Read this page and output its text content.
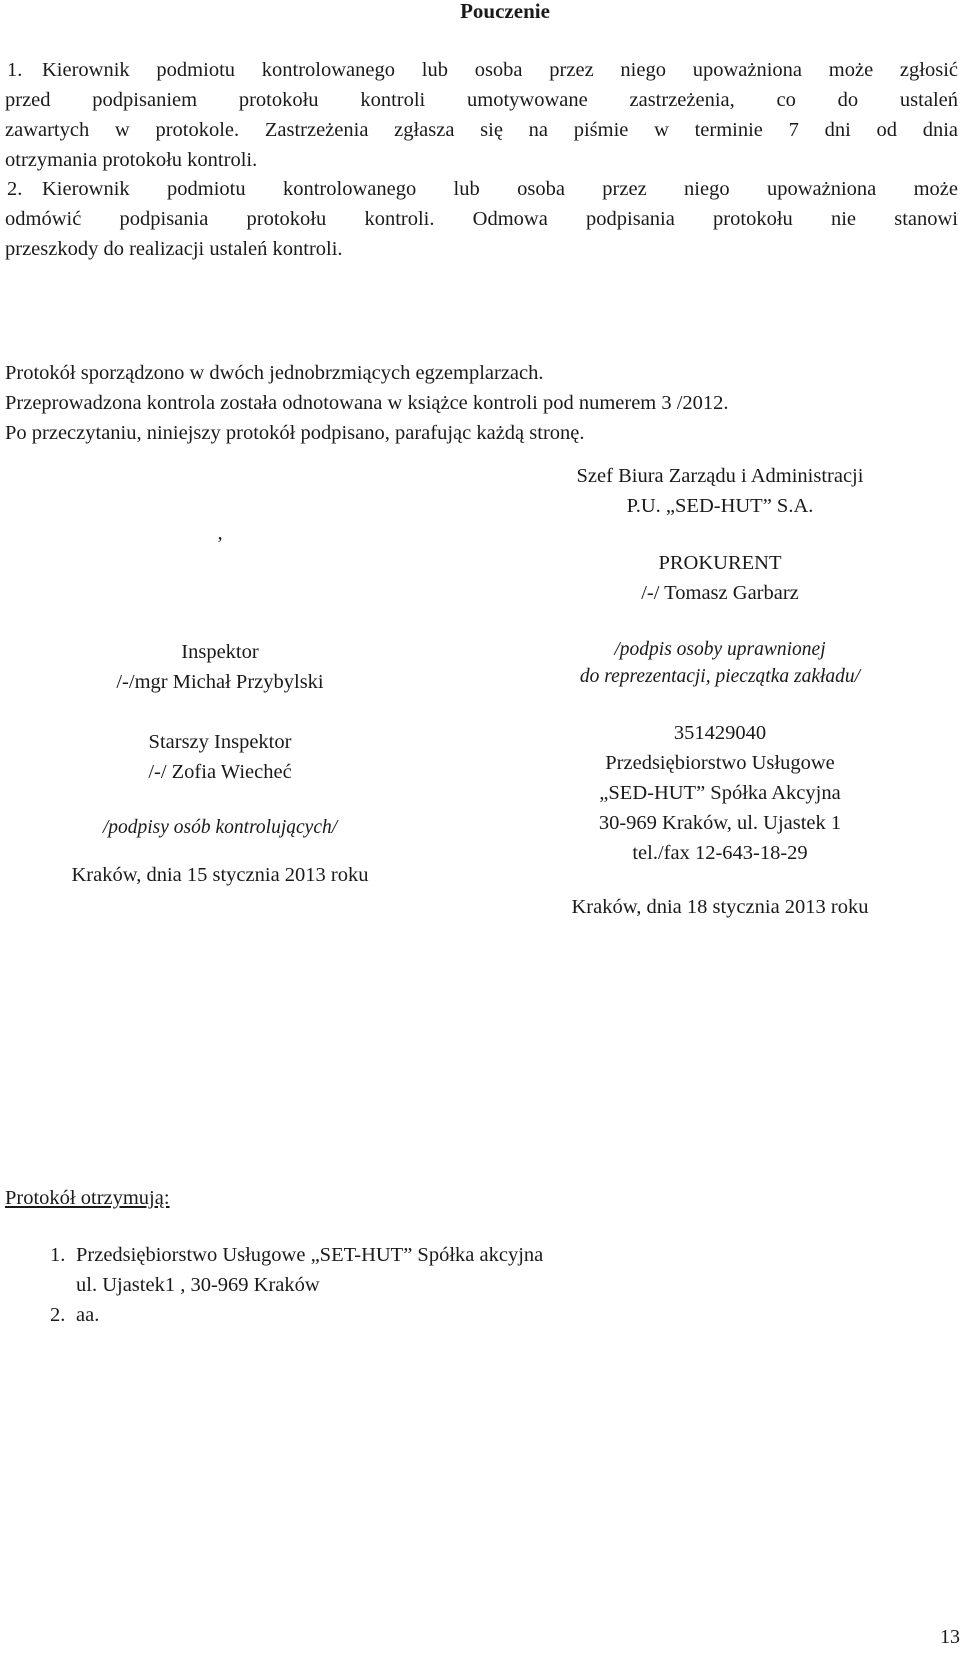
Pouczenie
1. Kierownik podmiotu kontrolowanego lub osoba przez niego upoważniona może zgłosić
przed podpisaniem protokołu kontroli umotywowane zastrzeżenia, co do ustaleń
zawartych w protokole. Zastrzeżenia zgłasza się na piśmie w terminie 7 dni od dnia
otrzymania protokołu kontroli.
2. Kierownik podmiotu kontrolowanego lub osoba przez niego upoważniona może
odmówić podpisania protokołu kontroli. Odmowa podpisania protokołu nie stanowi
przeszkody do realizacji ustaleń kontroli.
Protokół sporządzono w dwóch jednobrzmiących egzemplarzach.
Przeprowadzona kontrola została odnotowana w książce kontroli pod numerem 3 /2012.
Po przeczytaniu, niniejszy protokół podpisano, parafując każdą stronę.
,
Inspektor
/-/mgr Michał Przybylski
Starszy Inspektor
/-/ Zofia Wiecheć
/podpisy osób kontrolujących/
Kraków, dnia 15 stycznia 2013 roku
Szef Biura Zarządu i Administracji
P.U. „SED-HUT” S.A.
PROKURENT
/-/ Tomasz Garbarz
/podpis osoby uprawnionej
do reprezentacji, pieczątka zakładu/
351429040
Przedsiębiorstwo Usługowe
„SED-HUT” Spółka Akcyjna
30-969 Kraków, ul. Ujastek 1
tel./fax 12-643-18-29
Kraków, dnia 18 stycznia 2013 roku
Protokół otrzymują:
1. Przedsiębiorstwo Usługowe „SET-HUT” Spółka akcyjna
ul. Ujastek1 , 30-969 Kraków
2. aa.
13
